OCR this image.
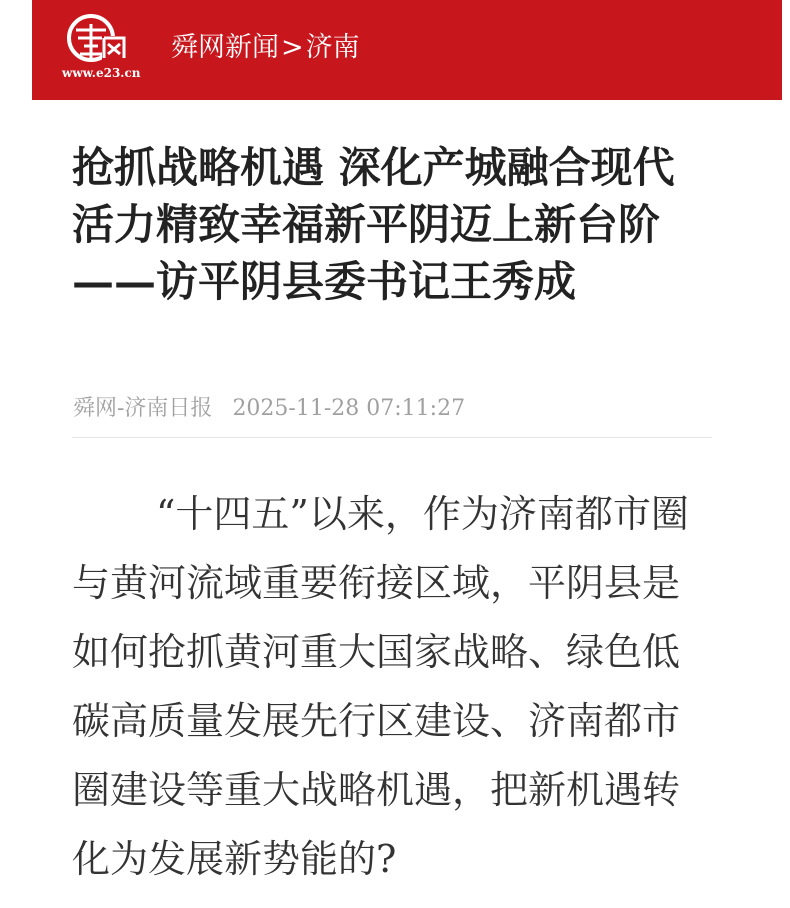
www.e23.cn
舜网新闻>济南
抢抓战略机遇 深化产城融合现代活力精致幸福新平阴迈上新台阶——访平阴县委书记王秀成
舜网-济南日报 2025-11-28 07:11:27

“十四五”以来，作为济南都市圈与黄河流域重要衔接区域，平阴县是如何抢抓黄河重大国家战略、绿色低碳高质量发展先行区建设、济南都市圈建设等重大战略机遇，把新机遇转化为发展新势能的?
